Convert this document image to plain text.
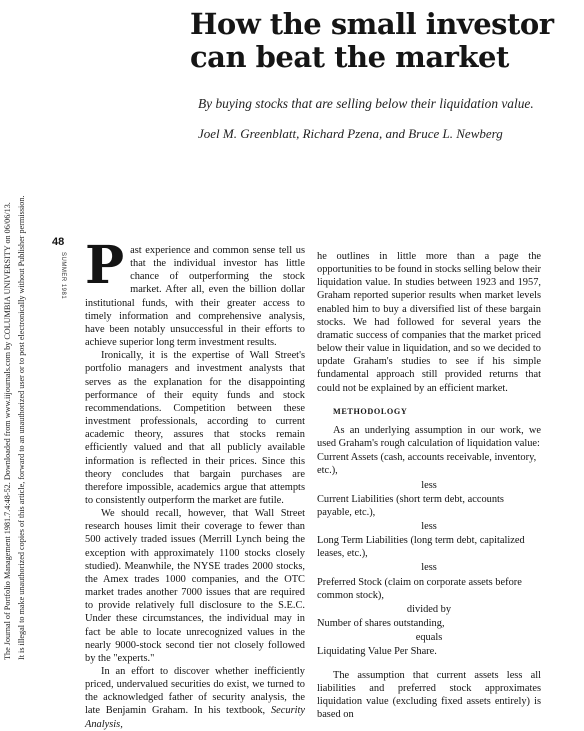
The Journal of Portfolio Management 1981.7.4:48-52. Downloaded from www.iijournals.com by COLUMBIA UNIVERSITY on 06/06/13. It is illegal to make unauthorized copies of this article, forward to an unauthorized user or to post electronically without Publisher permission.
How the small investor
can beat the market
By buying stocks that are selling below their liquidation value.
Joel M. Greenblatt, Richard Pzena, and Bruce L. Newberg
48
SUMMER 1981 Past experience and common sense tell us that the individual investor has little chance of outperforming the stock market. After all, even the billion dollar institutional funds, with their greater access to timely information and comprehensive analysis, have been notably unsuccessful in their efforts to achieve superior long term investment results.

Ironically, it is the expertise of Wall Street's portfolio managers and investment analysts that serves as the explanation for the disappointing performance of their equity funds and stock recommendations. Competition between these investment professionals, according to current academic theory, assures that stocks remain efficiently valued and that all publicly available information is reflected in their prices. Since this theory concludes that bargain purchases are therefore impossible, academics argue that attempts to consistently outperform the market are futile.

We should recall, however, that Wall Street research houses limit their coverage to fewer than 500 actively traded issues (Merrill Lynch being the exception with approximately 1100 stocks closely studied). Meanwhile, the NYSE trades 2000 stocks, the Amex trades 1000 companies, and the OTC market trades another 7000 issues that are required to provide relatively full disclosure to the S.E.C. Under these circumstances, the individual may in fact be able to locate unrecognized values in the nearly 9000-stock second tier not closely followed by the "experts."

In an effort to discover whether inefficiently priced, undervalued securities do exist, we turned to the acknowledged father of security analysis, the late Benjamin Graham. In his textbook, Security Analysis,

he outlines in little more than a page the opportunities to be found in stocks selling below their liquidation value. In studies between 1923 and 1957, Graham reported superior results when market levels enabled him to buy a diversified list of these bargain stocks. We had followed for several years the dramatic success of companies that the market priced below their value in liquidation, and so we decided to update Graham's studies to see if his simple fundamental approach still provided returns that could not be explained by an efficient market.

METHODOLOGY

As an underlying assumption in our work, we used Graham's rough calculation of liquidation value:

Current Assets (cash, accounts receivable, inventory, etc.),
less
Current Liabilities (short term debt, accounts payable, etc.),
less
Long Term Liabilities (long term debt, capitalized leases, etc.),
less
Preferred Stock (claim on corporate assets before common stock),
divided by
Number of shares outstanding,
equals
Liquidating Value Per Share.

The assumption that current assets less all liabilities and preferred stock approximates liquidation value (excluding fixed assets entirely) is based on
